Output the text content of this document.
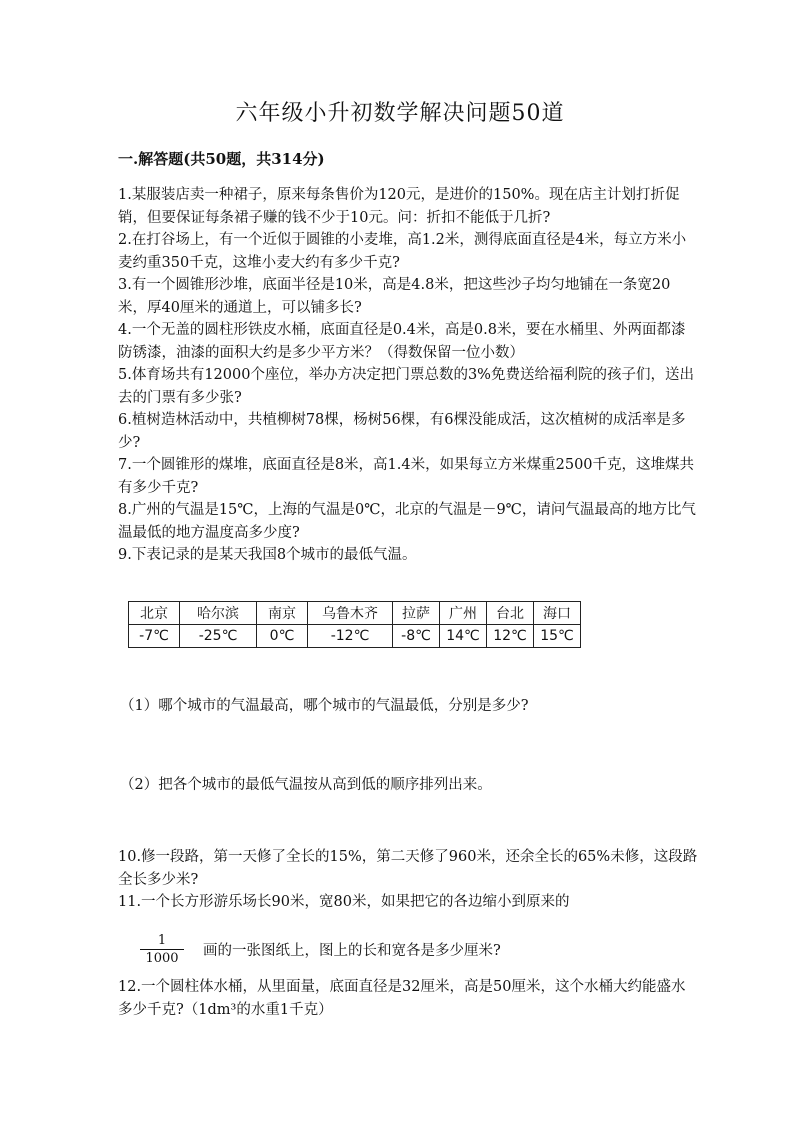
六年级小升初数学解决问题50道
一.解答题(共50题，共314分)

1.某服装店卖一种裙子，原来每条售价为120元，是进价的150%。现在店主计划打折促销，但要保证每条裙子赚的钱不少于10元。问：折扣不能低于几折?

2.在打谷场上，有一个近似于圆锥的小麦堆，高1.2米，测得底面直径是4米，每立方米小麦约重350千克，这堆小麦大约有多少千克?

3.有一个圆锥形沙堆，底面半径是10米，高是4.8米，把这些沙子均匀地铺在一条宽20米，厚40厘米的通道上，可以铺多长?

4.一个无盖的圆柱形铁皮水桶，底面直径是0.4米，高是0.8米，要在水桶里、外两面都漆防锈漆，油漆的面积大约是多少平方米？（得数保留一位小数）

5.体育场共有12000个座位，举办方决定把门票总数的3%免费送给福利院的孩子们，送出去的门票有多少张?

6.植树造林活动中，共植柳树78棵，杨树56棵，有6棵没能成活，这次植树的成活率是多少?

7.一个圆锥形的煤堆，底面直径是8米，高1.4米，如果每立方米煤重2500千克，这堆煤共有多少千克?

8.广州的气温是15℃，上海的气温是0℃，北京的气温是－9℃，请问气温最高的地方比气温最低的地方温度高多少度?

9.下表记录的是某天我国8个城市的最低气温。

北京	哈尔滨	南京	乌鲁木齐	拉萨	广州	台北	海口
-7℃	-25℃	0℃	-12℃	-8℃	14℃	12℃	15℃
（1）哪个城市的气温最高，哪个城市的气温最低，分别是多少?
（2）把各个城市的最低气温按从高到低的顺序排列出来。

10.修一段路，第一天修了全长的15%，第二天修了960米，还余全长的65%未修，这段路全长多少米?

11.一个长方形游乐场长90米，宽80米，如果把它的各边缩小到原来的

$\frac{1}{1000}$ 画的一张图纸上，图上的长和宽各是多少厘米?
12.一个圆柱体水桶，从里面量，底面直径是32厘米，高是50厘米，这个水桶大约能盛水多少千克?（1dm³的水重1千克）
